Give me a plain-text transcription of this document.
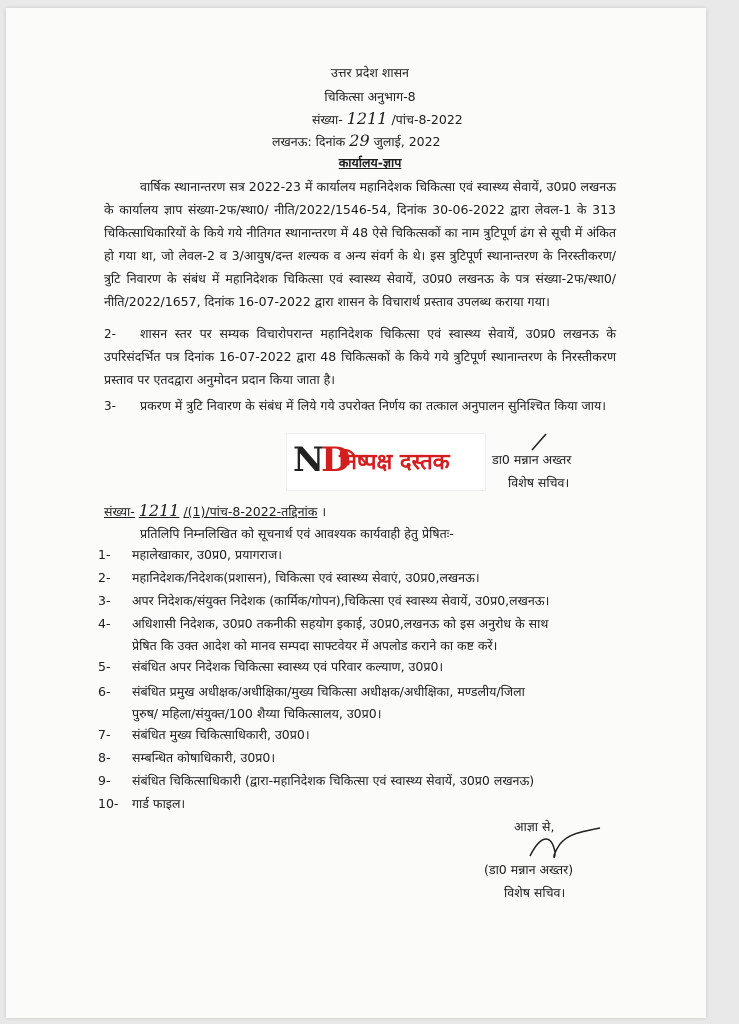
उत्तर प्रदेश शासन
चिकित्सा अनुभाग-8
संख्या- 1211 /पांच-8-2022
लखनऊ: दिनांक 29 जुलाई, 2022
कार्यालय-ज्ञाप

वार्षिक स्थानान्तरण सत्र 2022-23 में कार्यालय महानिदेशक चिकित्सा एवं स्वास्थ्य सेवायें, उ0प्र0 लखनऊ के कार्यालय ज्ञाप संख्या-2फ/स्था0/ नीति/2022/1546-54, दिनांक 30-06-2022 द्वारा लेवल-1 के 313 चिकित्साधिकारियों के किये गये नीतिगत स्थानान्तरण में 48 ऐसे चिकित्सकों का नाम त्रुटिपूर्ण ढंग से सूची में अंकित हो गया था, जो लेवल-2 व 3/आयुष/दन्त शल्यक व अन्य संवर्ग के थे। इस त्रुटिपूर्ण स्थानान्तरण के निरस्तीकरण/त्रुटि निवारण के संबंध में महानिदेशक चिकित्सा एवं स्वास्थ्य सेवायें, उ0प्र0 लखनऊ के पत्र संख्या-2फ/स्था0/ नीति/2022/1657, दिनांक 16-07-2022 द्वारा शासन के विचारार्थ प्रस्ताव उपलब्ध कराया गया।

2-	शासन स्तर पर सम्यक विचारोपरान्त महानिदेशक चिकित्सा एवं स्वास्थ्य सेवायें, उ0प्र0 लखनऊ के उपरिसंदर्भित पत्र दिनांक 16-07-2022 द्वारा 48 चिकित्सकों के किये गये त्रुटिपूर्ण स्थानान्तरण के निरस्तीकरण प्रस्ताव पर एतदद्वारा अनुमोदन प्रदान किया जाता है।

3-	प्रकरण में त्रुटि निवारण के संबंध में लिये गये उपरोक्त निर्णय का तत्काल अनुपालन सुनिश्चित किया जाय।

ND
निष्पक्ष दस्तक	डा0 मन्नान अख्तर
विशेष सचिव।
संख्या- 1211 /(1)/पांच-8-2022-तद्दिनांक ।
प्रतिलिपि निम्नलिखित को सूचनार्थ एवं आवश्यक कार्यवाही हेतु प्रेषितः-
1- महालेखाकार, उ0प्र0, प्रयागराज।
2- महानिदेशक/निदेशक(प्रशासन), चिकित्सा एवं स्वास्थ्य सेवाएं, उ0प्र0,लखनऊ।
3- अपर निदेशक/संयुक्त निदेशक (कार्मिक/गोपन),चिकित्सा एवं स्वास्थ्य सेवायें, उ0प्र0,लखनऊ।
4- अधिशासी निदेशक, उ0प्र0 तकनीकी सहयोग इकाई, उ0प्र0,लखनऊ को इस अनुरोध के साथ
प्रेषित कि उक्त आदेश को मानव सम्पदा साफ्टवेयर में अपलोड कराने का कष्ट करें।
5- संबंधित अपर निदेशक चिकित्सा स्वास्थ्य एवं परिवार कल्याण, उ0प्र0।
6- संबंधित प्रमुख अधीक्षक/अधीक्षिका/मुख्य चिकित्सा अधीक्षक/अधीक्षिका, मण्डलीय/जिला
पुरुष/ महिला/संयुक्त/100 शैय्या चिकित्सालय, उ0प्र0।
7- संबंधित मुख्य चिकित्साधिकारी, उ0प्र0।
8- सम्बन्धित कोषाधिकारी, उ0प्र0।
9- संबंधित चिकित्साधिकारी (द्वारा-महानिदेशक चिकित्सा एवं स्वास्थ्य सेवायें, उ0प्र0 लखनऊ)
10- गार्ड फाइल।
आज्ञा से,
(डा0 मन्नान अख्तर)
विशेष सचिव।
